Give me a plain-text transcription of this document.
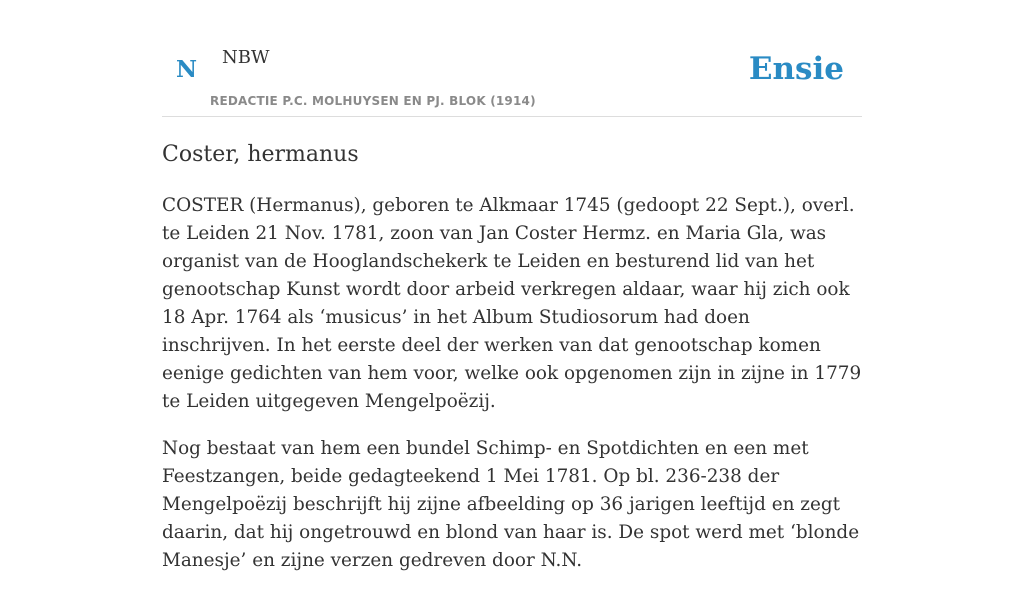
N NBW
REDACTIE P.C. MOLHUYSEN EN PJ. BLOK (1914)
Ensie
Coster, hermanus

COSTER (Hermanus), geboren te Alkmaar 1745 (gedoopt 22 Sept.), overl. te Leiden 21 Nov. 1781, zoon van Jan Coster Hermz. en Maria Gla, was organist van de Hooglandschekerk te Leiden en besturend lid van het genootschap Kunst wordt door arbeid verkregen aldaar, waar hij zich ook 18 Apr. 1764 als ‘musicus’ in het Album Studiosorum had doen inschrijven. In het eerste deel der werken van dat genootschap komen eenige gedichten van hem voor, welke ook opgenomen zijn in zijne in 1779 te Leiden uitgegeven Mengelpoëzij.

Nog bestaat van hem een bundel Schimp- en Spotdichten en een met Feestzangen, beide gedagteekend 1 Mei 1781. Op bl. 236-238 der Mengelpoëzij beschrijft hij zijne afbeelding op 36 jarigen leeftijd en zegt daarin, dat hij ongetrouwd en blond van haar is. De spot werd met ‘blonde Manesje’ en zijne verzen gedreven door N.N.
